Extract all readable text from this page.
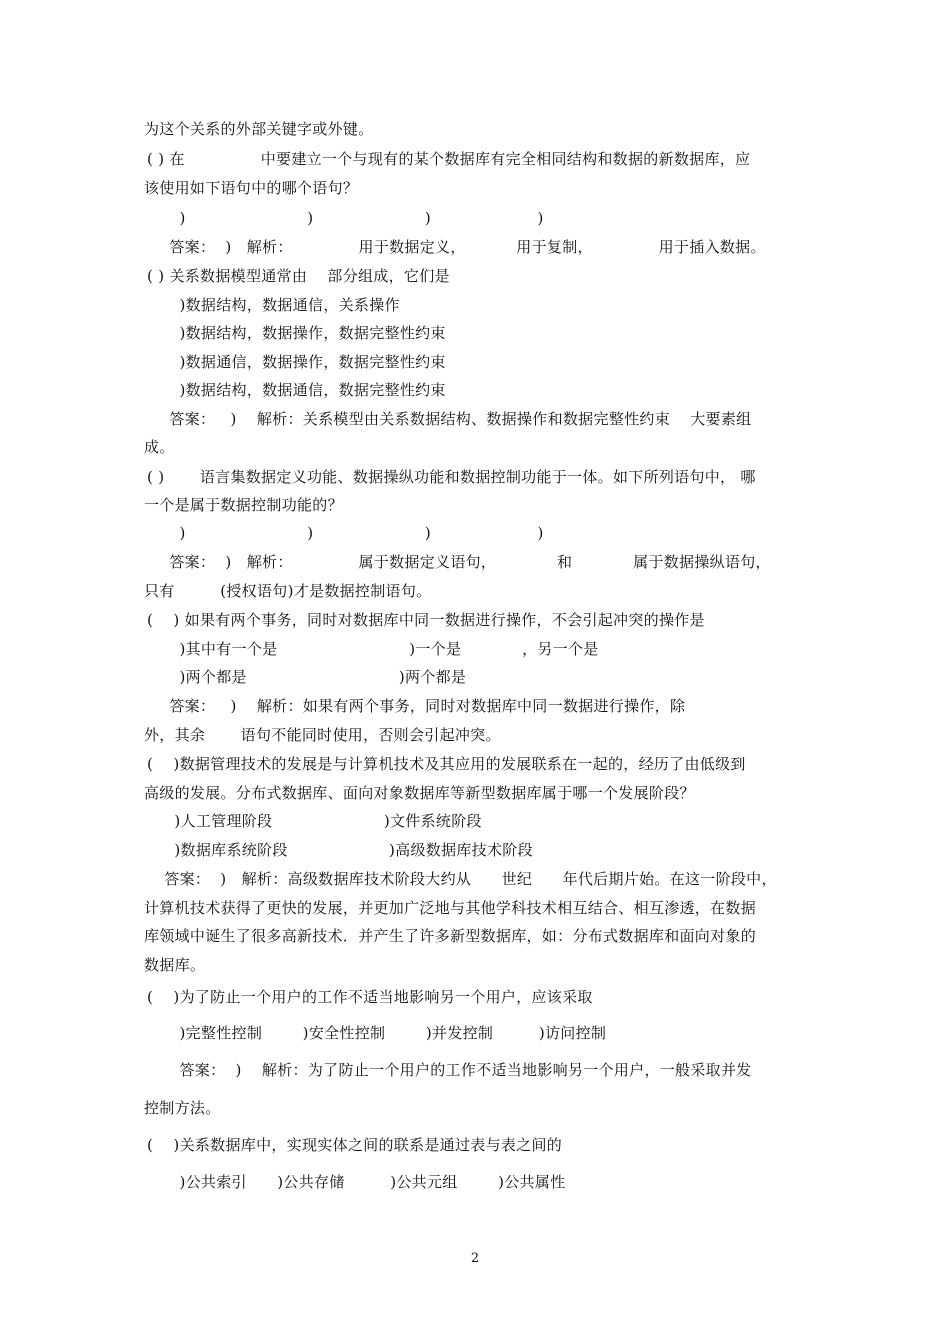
为这个关系的外部关键字或外键。
( ) 在               中要建立一个与现有的某个数据库有完全相同结构和数据的新数据库，应
该使用如下语句中的哪个语句？
)                        )                      )                     )
答案：  )   解析：             用于数据定义，          用于复制，             用于插入数据。
( ) 关系数据模型通常由    部分组成，它们是
)数据结构，数据通信，关系操作
)数据结构，数据操作，数据完整性约束
)数据通信，数据操作，数据完整性约束
)数据结构，数据通信，数据完整性约束
答案：   )    解析：关系模型由关系数据结构、数据操作和数据完整性约束    大要素组
成。
( )       语言集数据定义功能、数据操纵功能和数据控制功能于一体。如下所列语句中， 哪
一个是属于数据控制功能的？
)                        )                      )                     )
答案：  )   解析：             属于数据定义语句，            和            属于数据操纵语句，
只有         (授权语句)才是数据控制语句。
(    ) 如果有两个事务，同时对数据库中同一数据进行操作，不会引起冲突的操作是
)其中有一个是                          )一个是            ，另一个是
)两个都是                              )两个都是
答案：   )    解析：如果有两个事务，同时对数据库中同一数据进行操作，除
外，其余       语句不能同时使用，否则会引起冲突。
(    )数据管理技术的发展是与计算机技术及其应用的发展联系在一起的，经历了由低级到
高级的发展。分布式数据库、面向对象数据库等新型数据库属于哪一个发展阶段？
)人工管理阶段                      )文件系统阶段
)数据库系统阶段                    )高级数据库技术阶段
答案：  )   解析：高级数据库技术阶段大约从      世纪      年代后期片始。在这一阶段中，
计算机技术获得了更快的发展，并更加广泛地与其他学科技术相互结合、相互渗透，在数据
库领域中诞生了很多高新技术．并产生了许多新型数据库，如：分布式数据库和面向对象的
数据库。
(    )为了防止一个用户的工作不适当地影响另一个用户，应该采取
)完整性控制        )安全性控制        )并发控制         )访问控制
答案：  )    解析：为了防止一个用户的工作不适当地影响另一个用户，一般采取并发
控制方法。
(    )关系数据库中，实现实体之间的联系是通过表与表之间的
)公共索引      )公共存储         )公共元组        )公共属性
2
